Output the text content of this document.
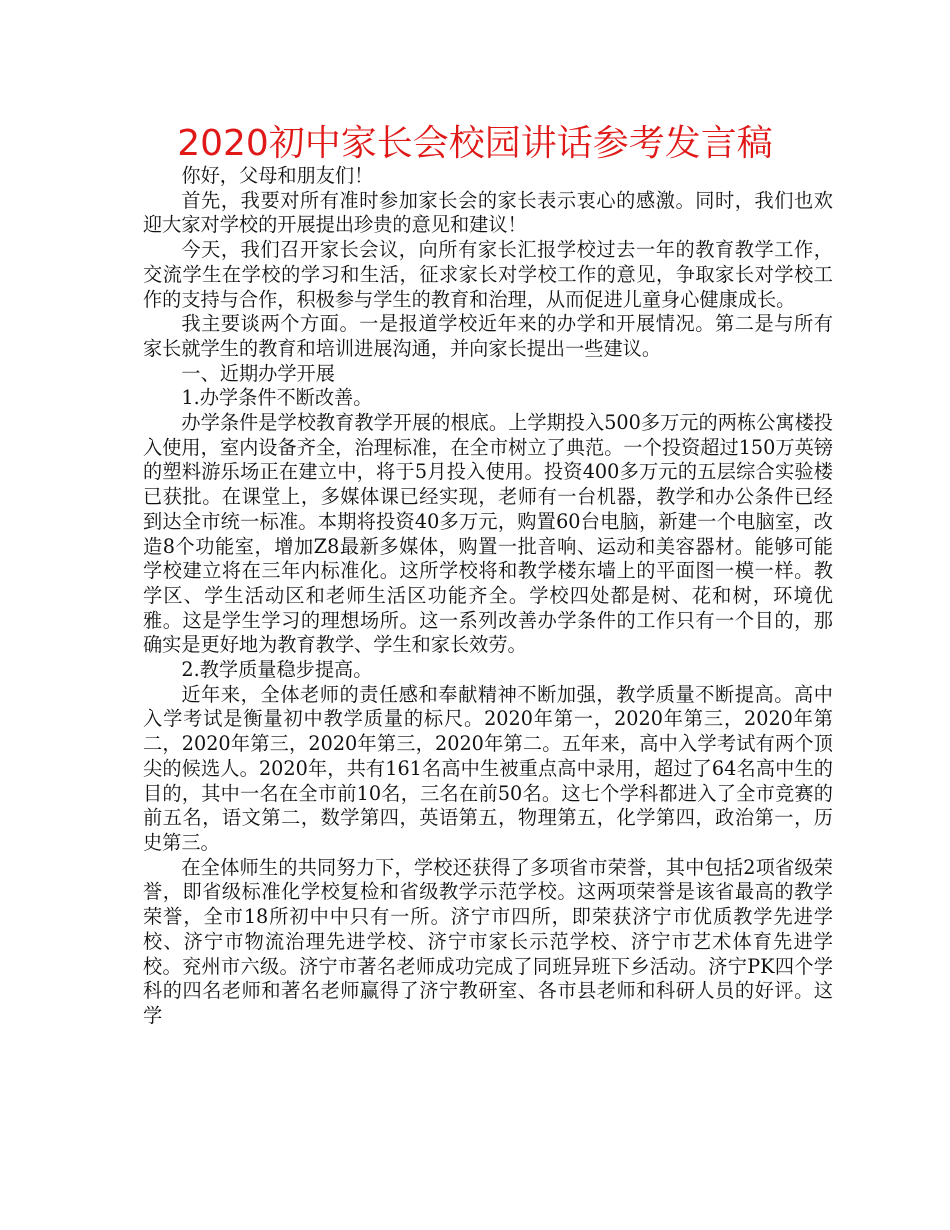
2020初中家长会校园讲话参考发言稿

你好，父母和朋友们！

首先，我要对所有准时参加家长会的家长表示衷心的感激。同时，我们也欢迎大家对学校的开展提出珍贵的意见和建议！

今天，我们召开家长会议，向所有家长汇报学校过去一年的教育教学工作，交流学生在学校的学习和生活，征求家长对学校工作的意见，争取家长对学校工作的支持与合作，积极参与学生的教育和治理，从而促进儿童身心健康成长。

我主要谈两个方面。一是报道学校近年来的办学和开展情况。第二是与所有家长就学生的教育和培训进展沟通，并向家长提出一些建议。

一、近期办学开展

1.办学条件不断改善。

办学条件是学校教育教学开展的根底。上学期投入500多万元的两栋公寓楼投入使用，室内设备齐全，治理标准，在全市树立了典范。一个投资超过150万英镑的塑料游乐场正在建立中，将于5月投入使用。投资400多万元的五层综合实验楼已获批。在课堂上，多媒体课已经实现，老师有一台机器，教学和办公条件已经到达全市统一标准。本期将投资40多万元，购置60台电脑，新建一个电脑室，改造8个功能室，增加Z8最新多媒体，购置一批音响、运动和美容器材。能够可能学校建立将在三年内标准化。这所学校将和教学楼东墙上的平面图一模一样。教学区、学生活动区和老师生活区功能齐全。学校四处都是树、花和树，环境优雅。这是学生学习的理想场所。这一系列改善办学条件的工作只有一个目的，那确实是更好地为教育教学、学生和家长效劳。

2.教学质量稳步提高。

近年来，全体老师的责任感和奉献精神不断加强，教学质量不断提高。高中入学考试是衡量初中教学质量的标尺。2020年第一，2020年第三，2020年第二，2020年第三，2020年第三，2020年第二。五年来，高中入学考试有两个顶尖的候选人。2020年，共有161名高中生被重点高中录用，超过了64名高中生的目的，其中一名在全市前10名，三名在前50名。这七个学科都进入了全市竞赛的前五名，语文第二，数学第四，英语第五，物理第五，化学第四，政治第一，历史第三。

在全体师生的共同努力下，学校还获得了多项省市荣誉，其中包括2项省级荣誉，即省级标准化学校复检和省级教学示范学校。这两项荣誉是该省最高的教学荣誉，全市18所初中中只有一所。济宁市四所，即荣获济宁市优质教学先进学校、济宁市物流治理先进学校、济宁市家长示范学校、济宁市艺术体育先进学校。兖州市六级。济宁市著名老师成功完成了同班异班下乡活动。济宁PK四个学科的四名老师和著名老师赢得了济宁教研室、各市县老师和科研人员的好评。这学
